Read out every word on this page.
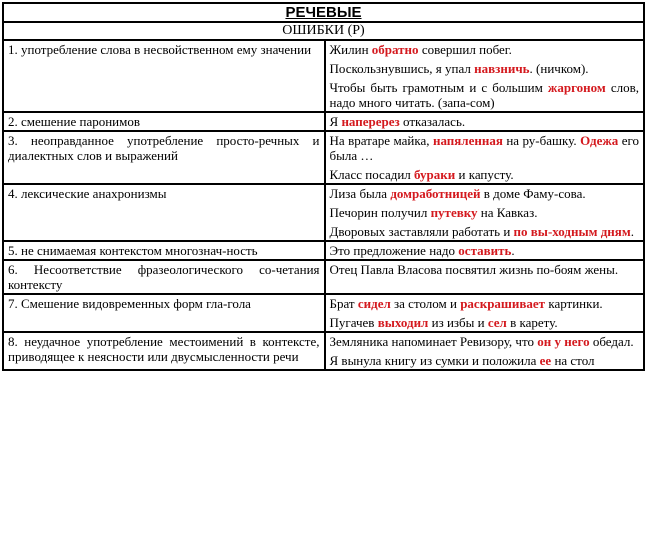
РЕЧЕВЫЕ	
ОШИБКИ (Р)	
1. употребление слова в несвойственном ему значении	Жилин обратно совершил побег.
Поскользнувшись, я упал навзничь. (ничком).
Чтобы быть грамотным и с большим жаргоном слов, надо много читать. (запа-сом)

2. смешение паронимов	Я наперерез отказалась.

3. неоправданное употребление просто-речных и диалектных слов и выражений	На вратаре майка, напяленная на ру-башку. Одежа его была …
Класс посадил бураки и капусту.

4. лексические анахронизмы	Лиза была домработницей в доме Фаму-сова.
Печорин получил путевку на Кавказ.
Дворовых заставляли работать и по вы-ходным дням.

5. не снимаемая контекстом многознач-ность	Это предложение надо оставить.

6. Несоответствие фразеологического со-четания контексту	Отец Павла Власова посвятил жизнь по-боям жены.

7. Смешение видовременных форм гла-гола	Брат сидел за столом и раскрашивает картинки.
Пугачев выходил из избы и сел в карету.

8. неудачное употребление местоимений в контексте, приводящее к неясности или двусмысленности речи	Земляника напоминает Ревизору, что он у него обедал.
Я вынула книгу из сумки и положила ее на стол
